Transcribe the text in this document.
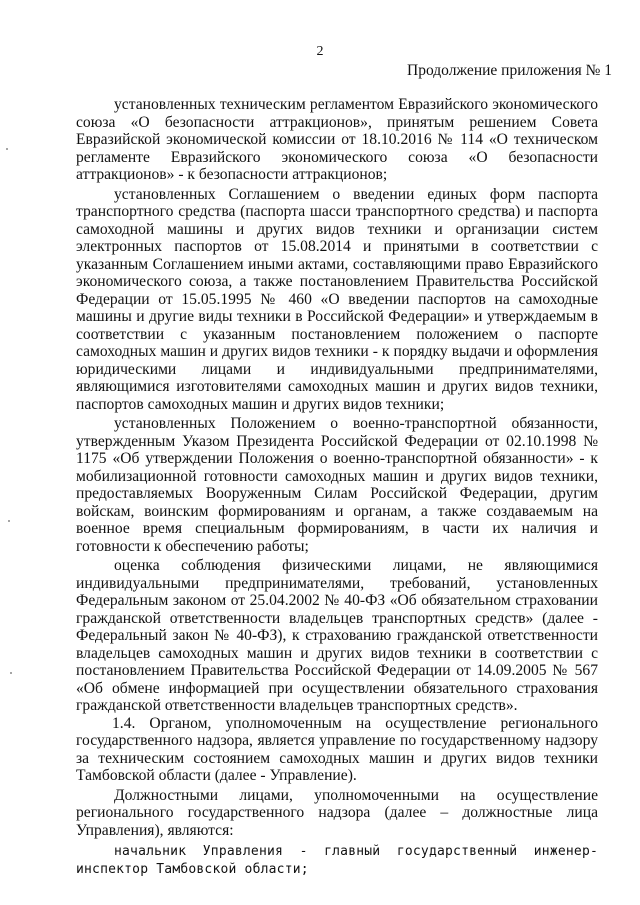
2
Продолжение приложения № 1

установленных техническим регламентом Евразийского экономического союза «О безопасности аттракционов», принятым решением Совета Евразийской экономической комиссии от 18.10.2016 № 114 «О техническом регламенте Евразийского экономического союза «О безопасности аттракционов» - к безопасности аттракционов;

установленных Соглашением о введении единых форм паспорта транспортного средства (паспорта шасси транспортного средства) и паспорта самоходной машины и других видов техники и организации систем электронных паспортов от 15.08.2014 и принятыми в соответствии с указанным Соглашением иными актами, составляющими право Евразийского экономического союза, а также постановлением Правительства Российской Федерации от 15.05.1995 № 460 «О введении паспортов на самоходные машины и другие виды техники в Российской Федерации» и утверждаемым в соответствии с указанным постановлением положением о паспорте самоходных машин и других видов техники - к порядку выдачи и оформления юридическими лицами и индивидуальными предпринимателями, являющимися изготовителями самоходных машин и других видов техники, паспортов самоходных машин и других видов техники;

установленных Положением о военно-транспортной обязанности, утвержденным Указом Президента Российской Федерации от 02.10.1998 № 1175 «Об утверждении Положения о военно-транспортной обязанности» - к мобилизационной готовности самоходных машин и других видов техники, предоставляемых Вооруженным Силам Российской Федерации, другим войскам, воинским формированиям и органам, а также создаваемым на военное время специальным формированиям, в части их наличия и готовности к обеспечению работы;

оценка соблюдения физическими лицами, не являющимися индивидуальными предпринимателями, требований, установленных Федеральным законом от 25.04.2002 № 40-ФЗ «Об обязательном страховании гражданской ответственности владельцев транспортных средств» (далее - Федеральный закон № 40-ФЗ), к страхованию гражданской ответственности владельцев самоходных машин и других видов техники в соответствии с постановлением Правительства Российской Федерации от 14.09.2005 № 567 «Об обмене информацией при осуществлении обязательного страхования гражданской ответственности владельцев транспортных средств».

1.4. Органом, уполномоченным на осуществление регионального государственного надзора, является управление по государственному надзору за техническим состоянием самоходных машин и других видов техники Тамбовской области (далее - Управление).

Должностными лицами, уполномоченными на осуществление регионального государственного надзора (далее – должностные лица Управления), являются:

начальник Управления - главный государственный инженер-инспектор Тамбовской области;
